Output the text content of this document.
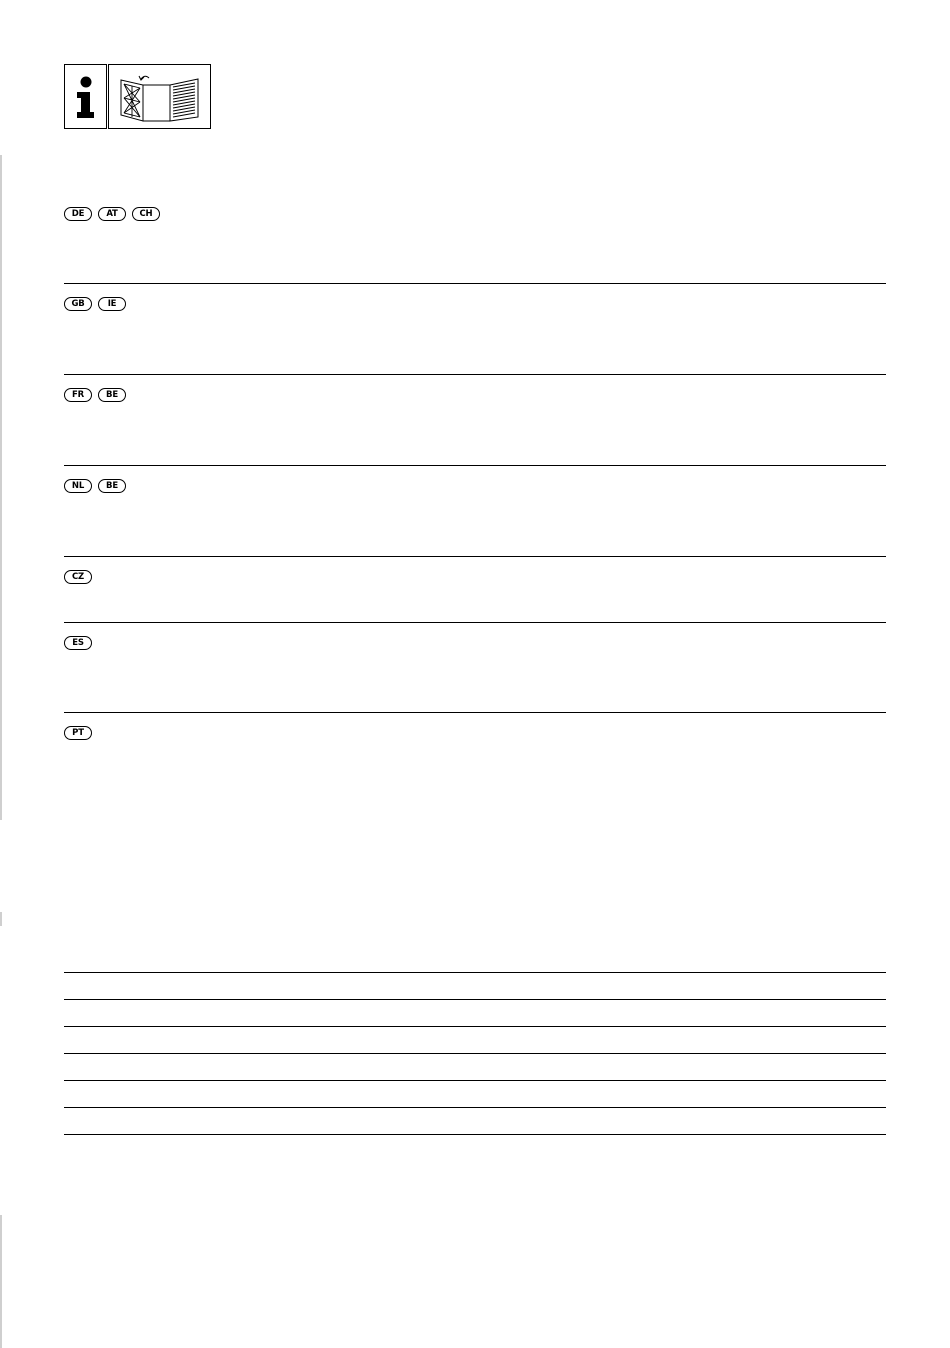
DE	AT	CH
GB	IE
FR	BE
NL	BE
CZ
ES
PT
